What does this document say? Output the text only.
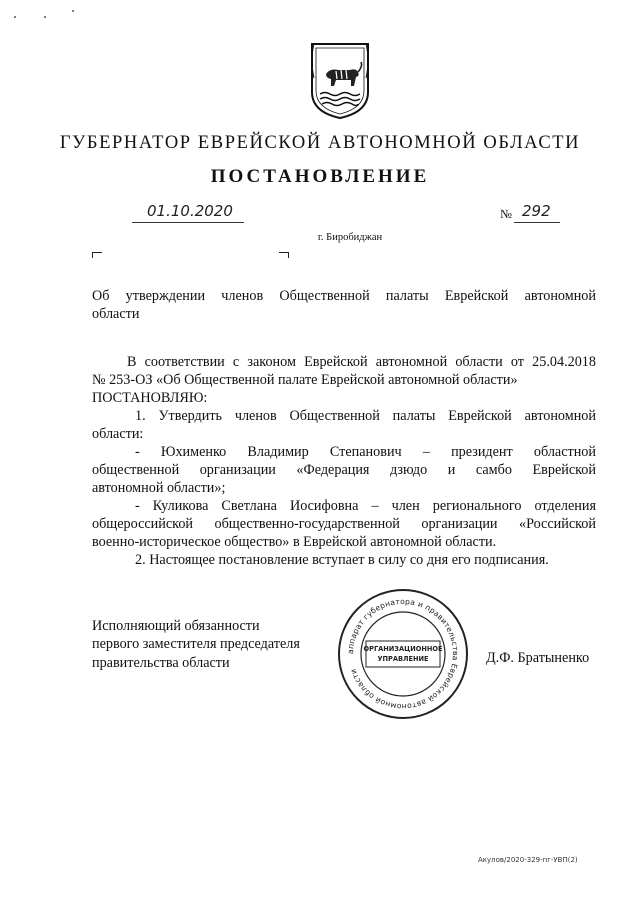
ГУБЕРНАТОР ЕВРЕЙСКОЙ АВТОНОМНОЙ ОБЛАСТИ
ПОСТАНОВЛЕНИЕ
01.10.2020	№ 292
г. Биробиджан
Об утверждении членов Общественной палаты Еврейской автономной
области
В соответствии с законом Еврейской автономной области от 25.04.2018
№ 253-ОЗ «Об Общественной палате Еврейской автономной области»
ПОСТАНОВЛЯЮ:
1. Утвердить членов Общественной палаты Еврейской автономной
области:
- Юхименко Владимир Степанович – президент областной
общественной организации «Федерация дзюдо и самбо Еврейской
автономной области»;
- Куликова Светлана Иосифовна – член регионального отделения
общероссийской общественно-государственной организации «Российской
военно-историческое общество» в Еврейской автономной области.
2. Настоящее постановление вступает в силу со дня его подписания.
Исполняющий обязанности
первого заместителя председателя
правительства области
аппарат губернатора и правительства Еврейской автономной области
ОРГАНИЗАЦИОННОЕ
УПРАВЛЕНИЕ	Д.Ф. Братыненко
Акулов/2020-329-пг-УВП(2)
